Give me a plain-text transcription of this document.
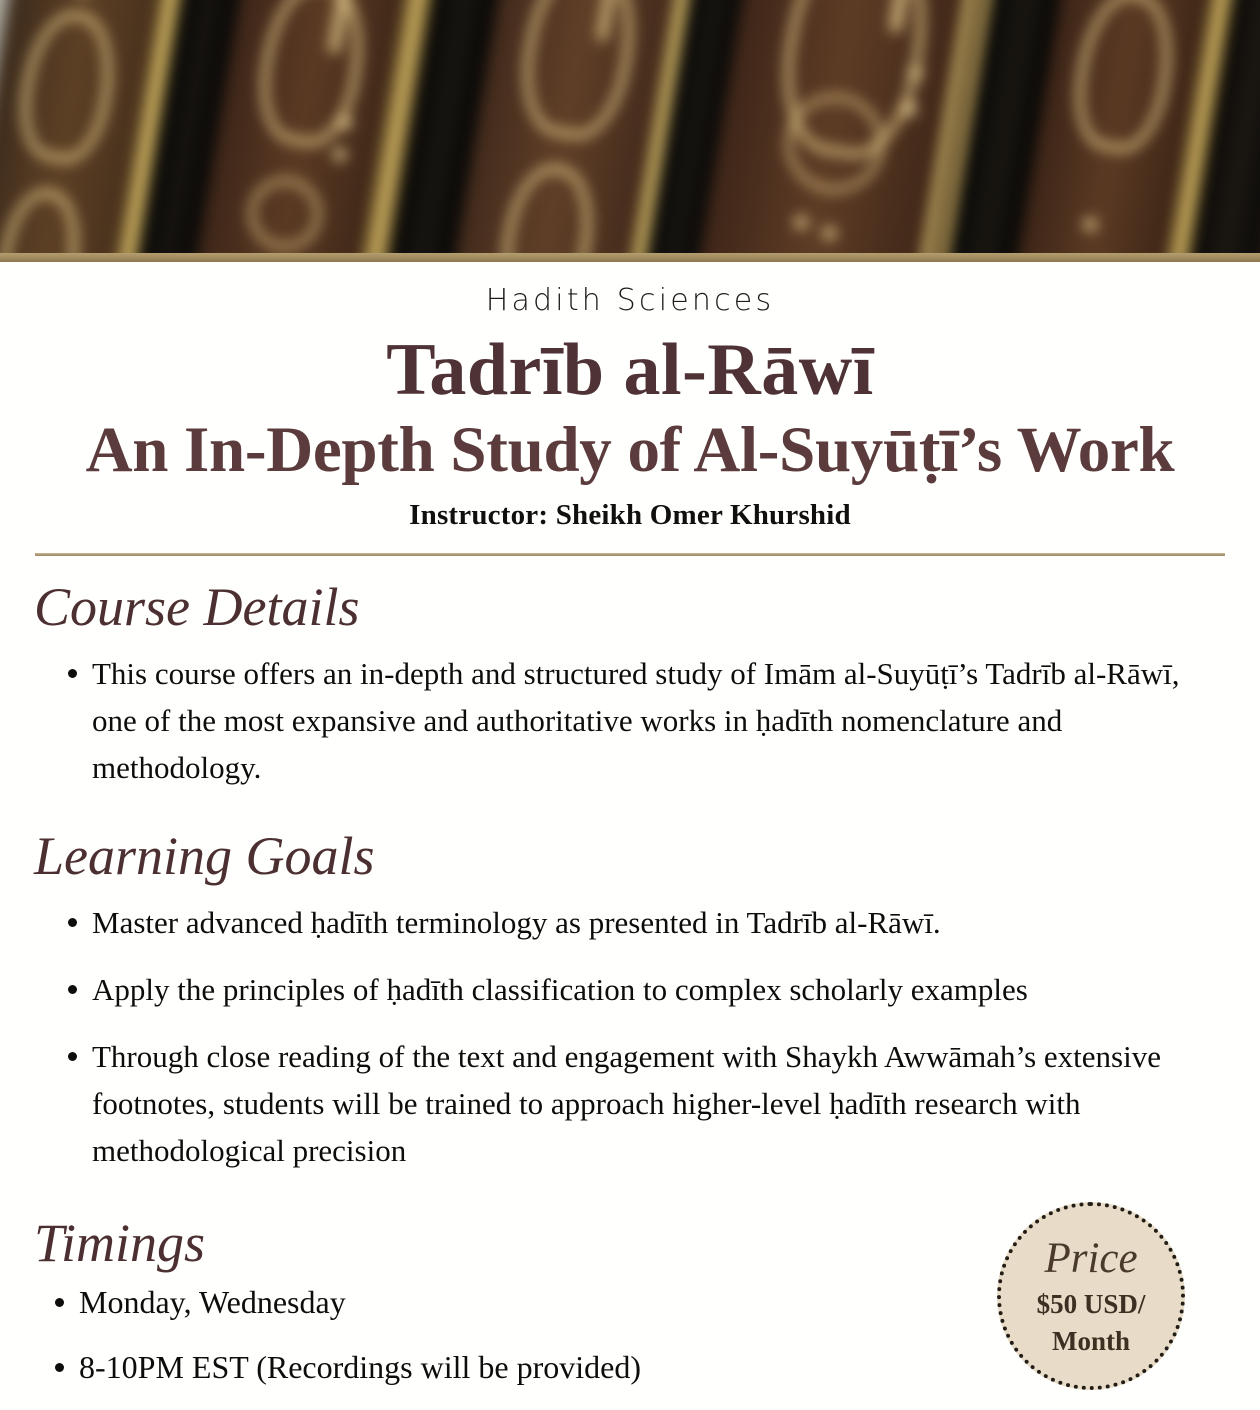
Hadith Sciences
Tadrīb al-Rāwī
An In-Depth Study of Al-Suyūṭī’s Work
Instructor: Sheikh Omer Khurshid
Course Details
This course offers an in-depth and structured study of Imām al-Suyūṭī’s Tadrīb al-Rāwī, one of the most expansive and authoritative works in ḥadīth nomenclature and methodology.
Learning Goals
Master advanced ḥadīth terminology as presented in Tadrīb al-Rāwī.
Apply the principles of ḥadīth classification to complex scholarly examples
Through close reading of the text and engagement with Shaykh Awwāmah’s extensive footnotes, students will be trained to approach higher-level ḥadīth research with methodological precision
Timings
Monday, Wednesday
8-10PM EST (Recordings will be provided)
Price
$50 USD/
Month
